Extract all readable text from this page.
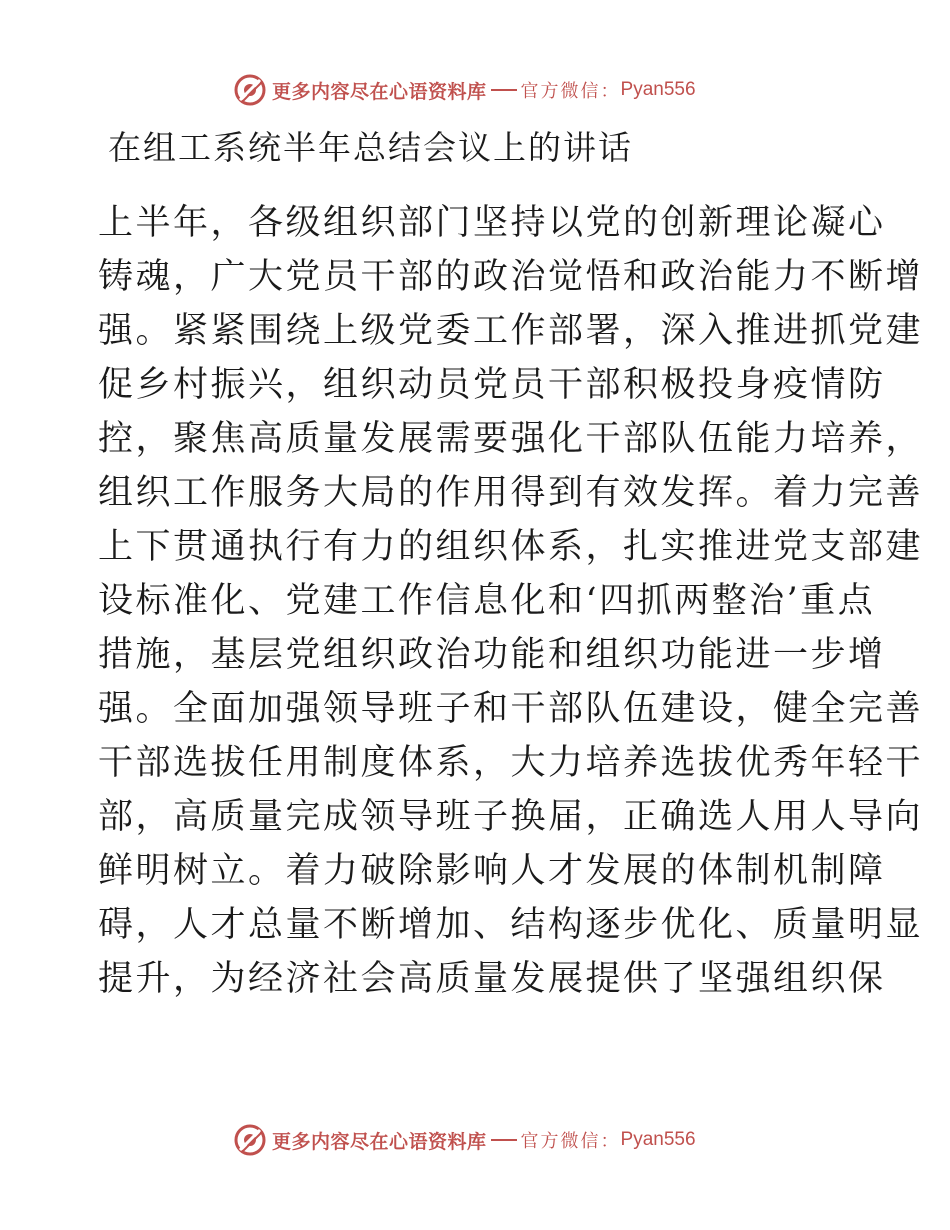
更多内容尽在心语资料库 官方微信： Pyan556
在组工系统半年总结会议上的讲话
上半年，各级组织部门坚持以党的创新理论凝心
铸魂，广大党员干部的政治觉悟和政治能力不断增
强。紧紧围绕上级党委工作部署，深入推进抓党建
促乡村振兴，组织动员党员干部积极投身疫情防
控，聚焦高质量发展需要强化干部队伍能力培养，
组织工作服务大局的作用得到有效发挥。着力完善
上下贯通执行有力的组织体系，扎实推进党支部建
设标准化、党建工作信息化和‘四抓两整治’重点
措施，基层党组织政治功能和组织功能进一步增
强。全面加强领导班子和干部队伍建设，健全完善
干部选拔任用制度体系，大力培养选拔优秀年轻干
部，高质量完成领导班子换届，正确选人用人导向
鲜明树立。着力破除影响人才发展的体制机制障
碍，人才总量不断增加、结构逐步优化、质量明显
提升，为经济社会高质量发展提供了坚强组织保
更多内容尽在心语资料库 官方微信： Pyan556
